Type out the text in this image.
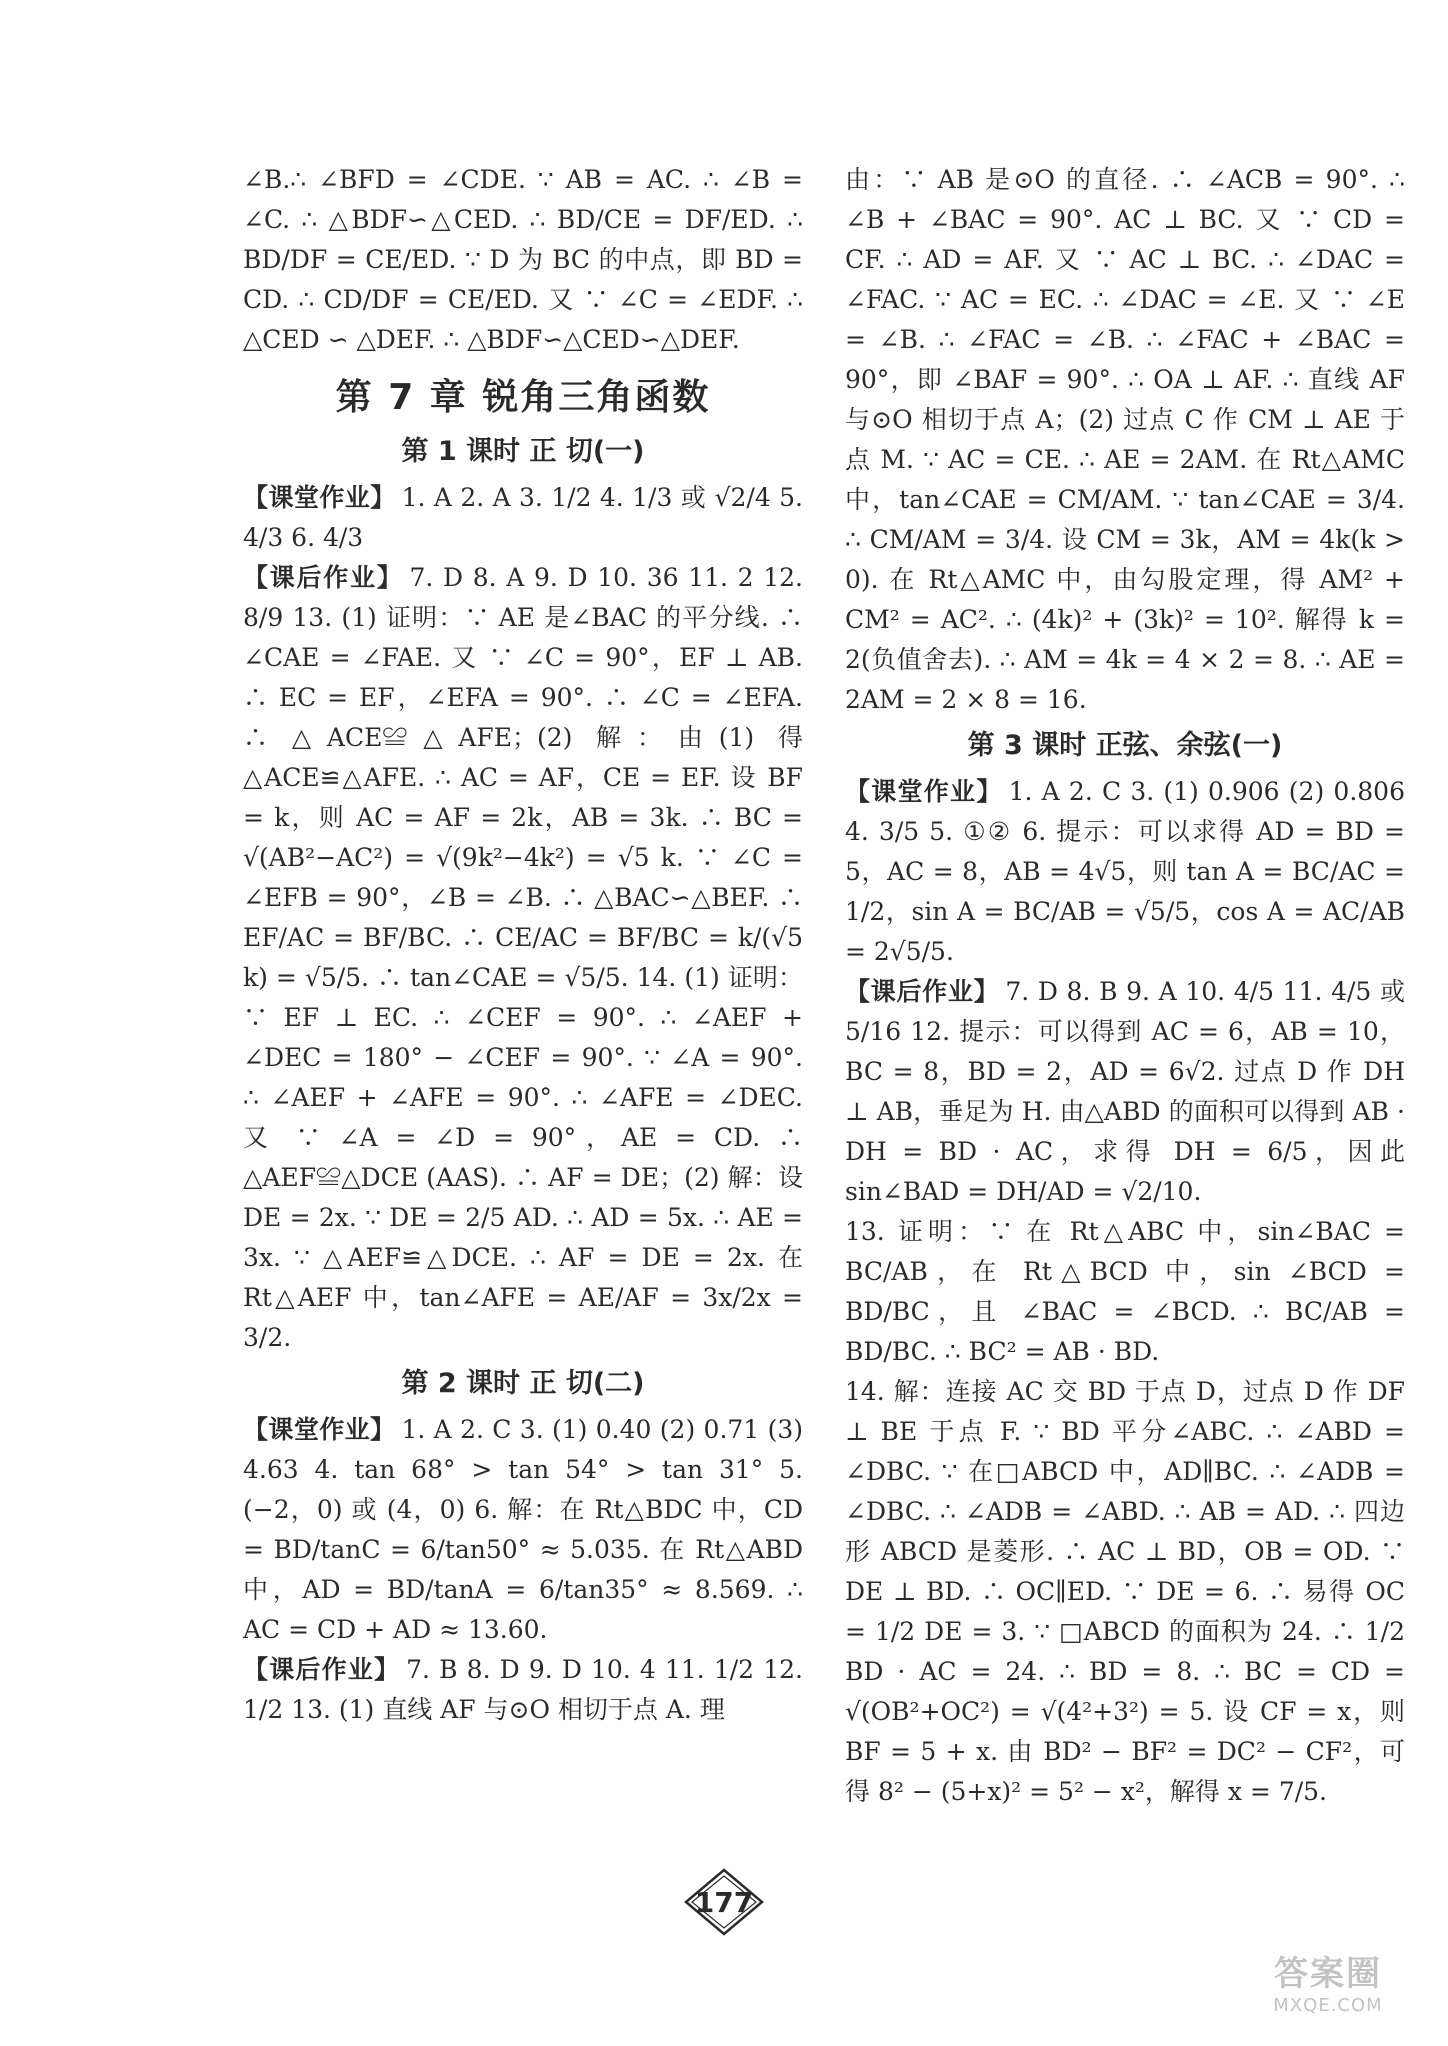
∠B.∴ ∠BFD = ∠CDE. ∵ AB = AC. ∴ ∠B = ∠C. ∴ △BDF∽△CED. ∴ BD/CE = DF/ED. ∴ BD/DF = CE/ED. ∵ D 为 BC 的中点，即 BD = CD. ∴ CD/DF = CE/ED. 又 ∵ ∠C = ∠EDF. ∴ △CED ∽ △DEF. ∴ △BDF∽△CED∽△DEF.

第 7 章 锐角三角函数
第 1 课时 正 切(一)

【课堂作业】 1. A 2. A 3. 1/2 4. 1/3 或 √2/4 5. 4/3 6. 4/3

【课后作业】 7. D 8. A 9. D 10. 36 11. 2 12. 8/9 13. (1) 证明：∵ AE 是∠BAC 的平分线. ∴ ∠CAE = ∠FAE. 又 ∵ ∠C = 90°，EF ⊥ AB. ∴ EC = EF，∠EFA = 90°. ∴ ∠C = ∠EFA. ∴ △ACE≌△AFE；(2) 解：由(1) 得 △ACE≌△AFE. ∴ AC = AF，CE = EF. 设 BF = k，则 AC = AF = 2k，AB = 3k. ∴ BC = √(AB²−AC²) = √(9k²−4k²) = √5 k. ∵ ∠C = ∠EFB = 90°，∠B = ∠B. ∴ △BAC∽△BEF. ∴ EF/AC = BF/BC. ∴ CE/AC = BF/BC = k/(√5 k) = √5/5. ∴ tan∠CAE = √5/5. 14. (1) 证明：∵ EF ⊥ EC. ∴ ∠CEF = 90°. ∴ ∠AEF + ∠DEC = 180° − ∠CEF = 90°. ∵ ∠A = 90°. ∴ ∠AEF + ∠AFE = 90°. ∴ ∠AFE = ∠DEC. 又 ∵ ∠A = ∠D = 90°，AE = CD. ∴ △AEF≌△DCE (AAS). ∴ AF = DE；(2) 解：设 DE = 2x. ∵ DE = 2/5 AD. ∴ AD = 5x. ∴ AE = 3x. ∵ △AEF≌△DCE. ∴ AF = DE = 2x. 在 Rt△AEF 中，tan∠AFE = AE/AF = 3x/2x = 3/2.

第 2 课时 正 切(二)

【课堂作业】 1. A 2. C 3. (1) 0.40 (2) 0.71 (3) 4.63 4. tan 68° > tan 54° > tan 31° 5. (−2，0) 或 (4，0) 6. 解：在 Rt△BDC 中，CD = BD/tanC = 6/tan50° ≈ 5.035. 在 Rt△ABD 中，AD = BD/tanA = 6/tan35° ≈ 8.569. ∴ AC = CD + AD ≈ 13.60.

【课后作业】 7. B 8. D 9. D 10. 4 11. 1/2 12. 1/2 13. (1) 直线 AF 与⊙O 相切于点 A. 理

由：∵ AB 是⊙O 的直径. ∴ ∠ACB = 90°. ∴ ∠B + ∠BAC = 90°. AC ⊥ BC. 又 ∵ CD = CF. ∴ AD = AF. 又 ∵ AC ⊥ BC. ∴ ∠DAC = ∠FAC. ∵ AC = EC. ∴ ∠DAC = ∠E. 又 ∵ ∠E = ∠B. ∴ ∠FAC = ∠B. ∴ ∠FAC + ∠BAC = 90°，即 ∠BAF = 90°. ∴ OA ⊥ AF. ∴ 直线 AF 与⊙O 相切于点 A；(2) 过点 C 作 CM ⊥ AE 于点 M. ∵ AC = CE. ∴ AE = 2AM. 在 Rt△AMC 中，tan∠CAE = CM/AM. ∵ tan∠CAE = 3/4. ∴ CM/AM = 3/4. 设 CM = 3k，AM = 4k(k > 0). 在 Rt△AMC 中，由勾股定理，得 AM² + CM² = AC². ∴ (4k)² + (3k)² = 10². 解得 k = 2(负值舍去). ∴ AM = 4k = 4 × 2 = 8. ∴ AE = 2AM = 2 × 8 = 16.

第 3 课时 正弦、余弦(一)

【课堂作业】 1. A 2. C 3. (1) 0.906 (2) 0.806 4. 3/5 5. ①② 6. 提示：可以求得 AD = BD = 5，AC = 8，AB = 4√5，则 tan A = BC/AC = 1/2，sin A = BC/AB = √5/5，cos A = AC/AB = 2√5/5.

【课后作业】 7. D 8. B 9. A 10. 4/5 11. 4/5 或 5/16 12. 提示：可以得到 AC = 6，AB = 10，BC = 8，BD = 2，AD = 6√2. 过点 D 作 DH ⊥ AB，垂足为 H. 由△ABD 的面积可以得到 AB · DH = BD · AC，求得 DH = 6/5，因此 sin∠BAD = DH/AD = √2/10.

13. 证明：∵ 在 Rt△ABC 中，sin∠BAC = BC/AB，在 Rt△BCD 中，sin ∠BCD = BD/BC，且 ∠BAC = ∠BCD. ∴ BC/AB = BD/BC. ∴ BC² = AB · BD.

14. 解：连接 AC 交 BD 于点 D，过点 D 作 DF ⊥ BE 于点 F. ∵ BD 平分∠ABC. ∴ ∠ABD = ∠DBC. ∵ 在□ABCD 中，AD∥BC. ∴ ∠ADB = ∠DBC. ∴ ∠ADB = ∠ABD. ∴ AB = AD. ∴ 四边形 ABCD 是菱形. ∴ AC ⊥ BD，OB = OD. ∵ DE ⊥ BD. ∴ OC∥ED. ∵ DE = 6. ∴ 易得 OC = 1/2 DE = 3. ∵ □ABCD 的面积为 24. ∴ 1/2 BD · AC = 24. ∴ BD = 8. ∴ BC = CD = √(OB²+OC²) = √(4²+3²) = 5. 设 CF = x，则 BF = 5 + x. 由 BD² − BF² = DC² − CF²，可得 8² − (5+x)² = 5² − x²，解得 x = 7/5.

177
答案圈
MXQE.COM
